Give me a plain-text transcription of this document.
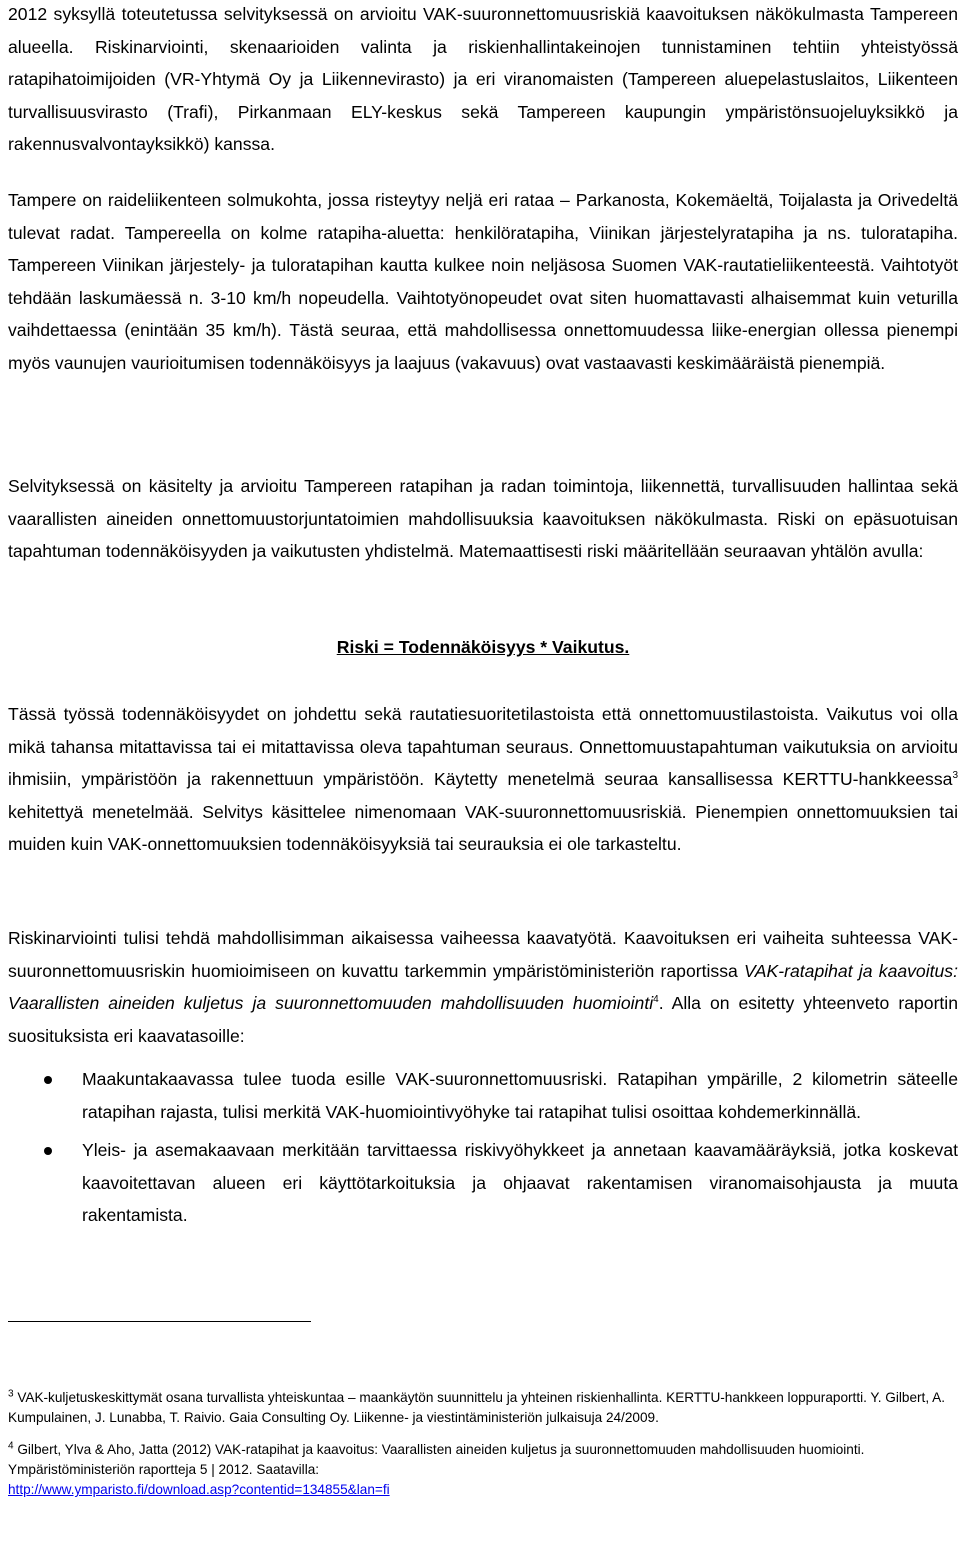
2012 syksyllä toteutetussa selvityksessä on arvioitu VAK-suuronnettomuusriskiä kaavoituksen näkökulmasta Tampereen alueella. Riskinarviointi, skenaarioiden valinta ja riskienhallintakeinojen tunnistaminen tehtiin yhteistyössä ratapihatoimijoiden (VR-Yhtymä Oy ja Liikennevirasto) ja eri viranomaisten (Tampereen aluepelastuslaitos, Liikenteen turvallisuusvirasto (Trafi), Pirkanmaan ELY-keskus sekä Tampereen kaupungin ympäristönsuojeluyksikkö ja rakennusvalvontayksikkö) kanssa.

Tampere on raideliikenteen solmukohta, jossa risteytyy neljä eri rataa – Parkanosta, Kokemäeltä, Toijalasta ja Orivedeltä tulevat radat. Tampereella on kolme ratapiha-aluetta: henkilöratapiha, Viinikan järjestelyratapiha ja ns. tuloratapiha. Tampereen Viinikan järjestely- ja tuloratapihan kautta kulkee noin neljäsosa Suomen VAK-rautatieliikenteestä. Vaihtotyöt tehdään laskumäessä n. 3-10 km/h nopeudella. Vaihtotyönopeudet ovat siten huomattavasti alhaisemmat kuin veturilla vaihdettaessa (enintään 35 km/h). Tästä seuraa, että mahdollisessa onnettomuudessa liike-energian ollessa pienempi myös vaunujen vaurioitumisen todennäköisyys ja laajuus (vakavuus) ovat vastaavasti keskimääräistä pienempiä.

Selvityksessä on käsitelty ja arvioitu Tampereen ratapihan ja radan toimintoja, liikennettä, turvallisuuden hallintaa sekä vaarallisten aineiden onnettomuustorjuntatoimien mahdollisuuksia kaavoituksen näkökulmasta. Riski on epäsuotuisan tapahtuman todennäköisyyden ja vaikutusten yhdistelmä. Matemaattisesti riski määritellään seuraavan yhtälön avulla:

Riski = Todennäköisyys * Vaikutus.

Tässä työssä todennäköisyydet on johdettu sekä rautatiesuoritetilastoista että onnettomuustilastoista. Vaikutus voi olla mikä tahansa mitattavissa tai ei mitattavissa oleva tapahtuman seuraus. Onnettomuustapahtuman vaikutuksia on arvioitu ihmisiin, ympäristöön ja rakennettuun ympäristöön. Käytetty menetelmä seuraa kansallisessa KERTTU-hankkeessa$^3$ kehitettyä menetelmää. Selvitys käsittelee nimenomaan VAK-suuronnettomuusriskiä. Pienempien onnettomuuksien tai muiden kuin VAK-onnettomuuksien todennäköisyyksiä tai seurauksia ei ole tarkasteltu.

Riskinarviointi tulisi tehdä mahdollisimman aikaisessa vaiheessa kaavatyötä. Kaavoituksen eri vaiheita suhteessa VAK-suuronnettomuusriskin huomioimiseen on kuvattu tarkemmin ympäristöministeriön raportissa VAK-ratapihat ja kaavoitus: Vaarallisten aineiden kuljetus ja suuronnettomuuden mahdollisuuden huomiointi$^4$. Alla on esitetty yhteenveto raportin suosituksista eri kaavatasoille:

Maakuntakaavassa tulee tuoda esille VAK-suuronnettomuusriski. Ratapihan ympärille, 2 kilometrin säteelle ratapihan rajasta, tulisi merkitä VAK-huomiointivyöhyke tai ratapihat tulisi osoittaa kohdemerkinnällä.
Yleis- ja asemakaavaan merkitään tarvittaessa riskivyöhykkeet ja annetaan kaavamääräyksiä, jotka koskevat kaavoitettavan alueen eri käyttötarkoituksia ja ohjaavat rakentamisen viranomaisohjausta ja muuta rakentamista.

$^3$ VAK-kuljetuskeskittymät osana turvallista yhteiskuntaa – maankäytön suunnittelu ja yhteinen riskienhallinta. KERTTU-hankkeen loppuraportti. Y. Gilbert, A. Kumpulainen, J. Lunabba, T. Raivio. Gaia Consulting Oy. Liikenne- ja viestintäministeriön julkaisuja 24/2009.

$^4$ Gilbert, Ylva & Aho, Jatta (2012) VAK-ratapihat ja kaavoitus: Vaarallisten aineiden kuljetus ja suuronnettomuuden mahdollisuuden huomiointi. Ympäristöministeriön raportteja 5 | 2012. Saatavilla:
http://www.ymparisto.fi/download.asp?contentid=134855&lan=fi
